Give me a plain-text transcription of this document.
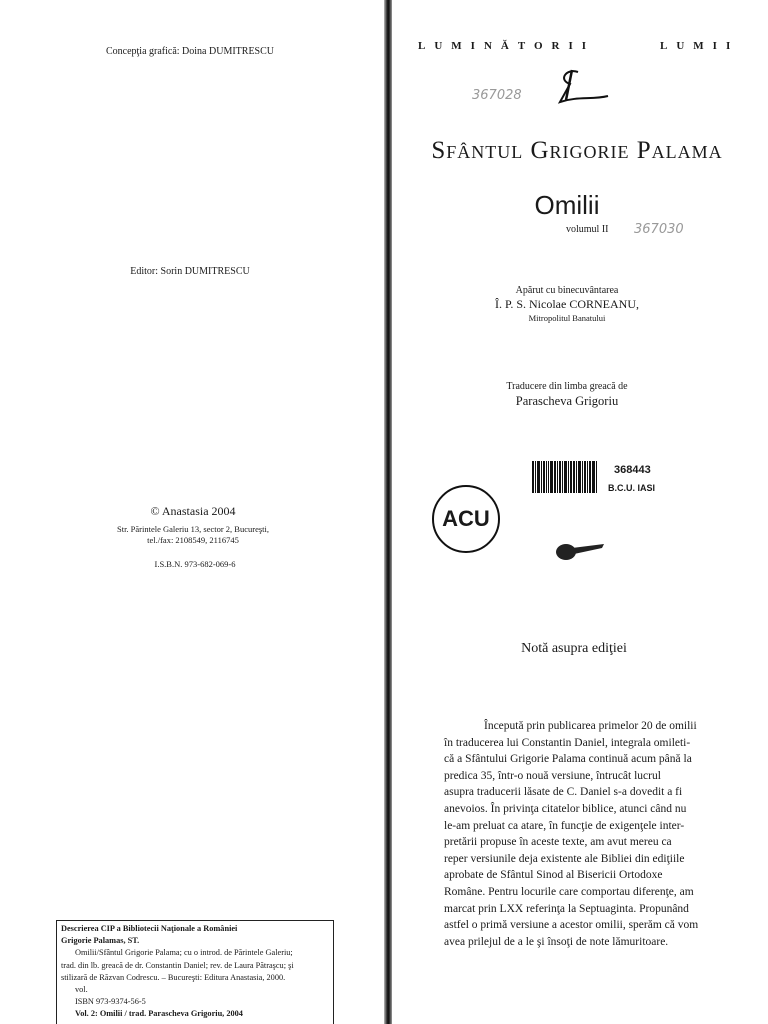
Concepţia grafică: Doina DUMITRESCU
Editor: Sorin DUMITRESCU
© Anastasia 2004
Str. Părintele Galeriu 13, sector 2, Bucureşti,
tel./fax: 2108549, 2116745
I.S.B.N. 973-682-069-6
LUMINĂTORII	LUMII
367028
Sfântul Grigorie Palama
Omilii
volumul II 367030
Apărut cu binecuvântarea
Î. P. S. Nicolae CORNEANU,
Mitropolitul Banatului
Traducere din limba greacă de
Parascheva Grigoriu
368443
B.C.U. IASI
ACU
Descrierea CIP a Bibliotecii Naţionale a României
Grigorie Palamas, ST.
Omilii/Sfântul Grigorie Palama; cu o introd. de Părintele Galeriu;
trad. din lb. greacă de dr. Constantin Daniel; rev. de Laura Pătraşcu; şi
stilizară de Răzvan Codrescu. – Bucureşti: Editura Anastasia, 2000.
vol.
ISBN 973-9374-56-5
Vol. 2: Omilii / trad. Parascheva Grigoriu, 2004
Notă asupra ediţiei

Începută prin publicarea primelor 20 de omilii

în traducerea lui Constantin Daniel, integrala omileti-

că a Sfântului Grigorie Palama continuă acum până la

predica 35, într-o nouă versiune, întrucât lucrul

asupra traducerii lăsate de C. Daniel s-a dovedit a fi

anevoios. În privinţa citatelor biblice, atunci când nu

le-am preluat ca atare, în funcţie de exigenţele inter-

pretării propuse în aceste texte, am avut mereu ca

reper versiunile deja existente ale Bibliei din ediţiile

aprobate de Sfântul Sinod al Bisericii Ortodoxe

Române. Pentru locurile care comportau diferenţe, am

marcat prin LXX referinţa la Septuaginta. Propunând

astfel o primă versiune a acestor omilii, sperăm că vom

avea prilejul de a le şi însoţi de note lămuritoare.
